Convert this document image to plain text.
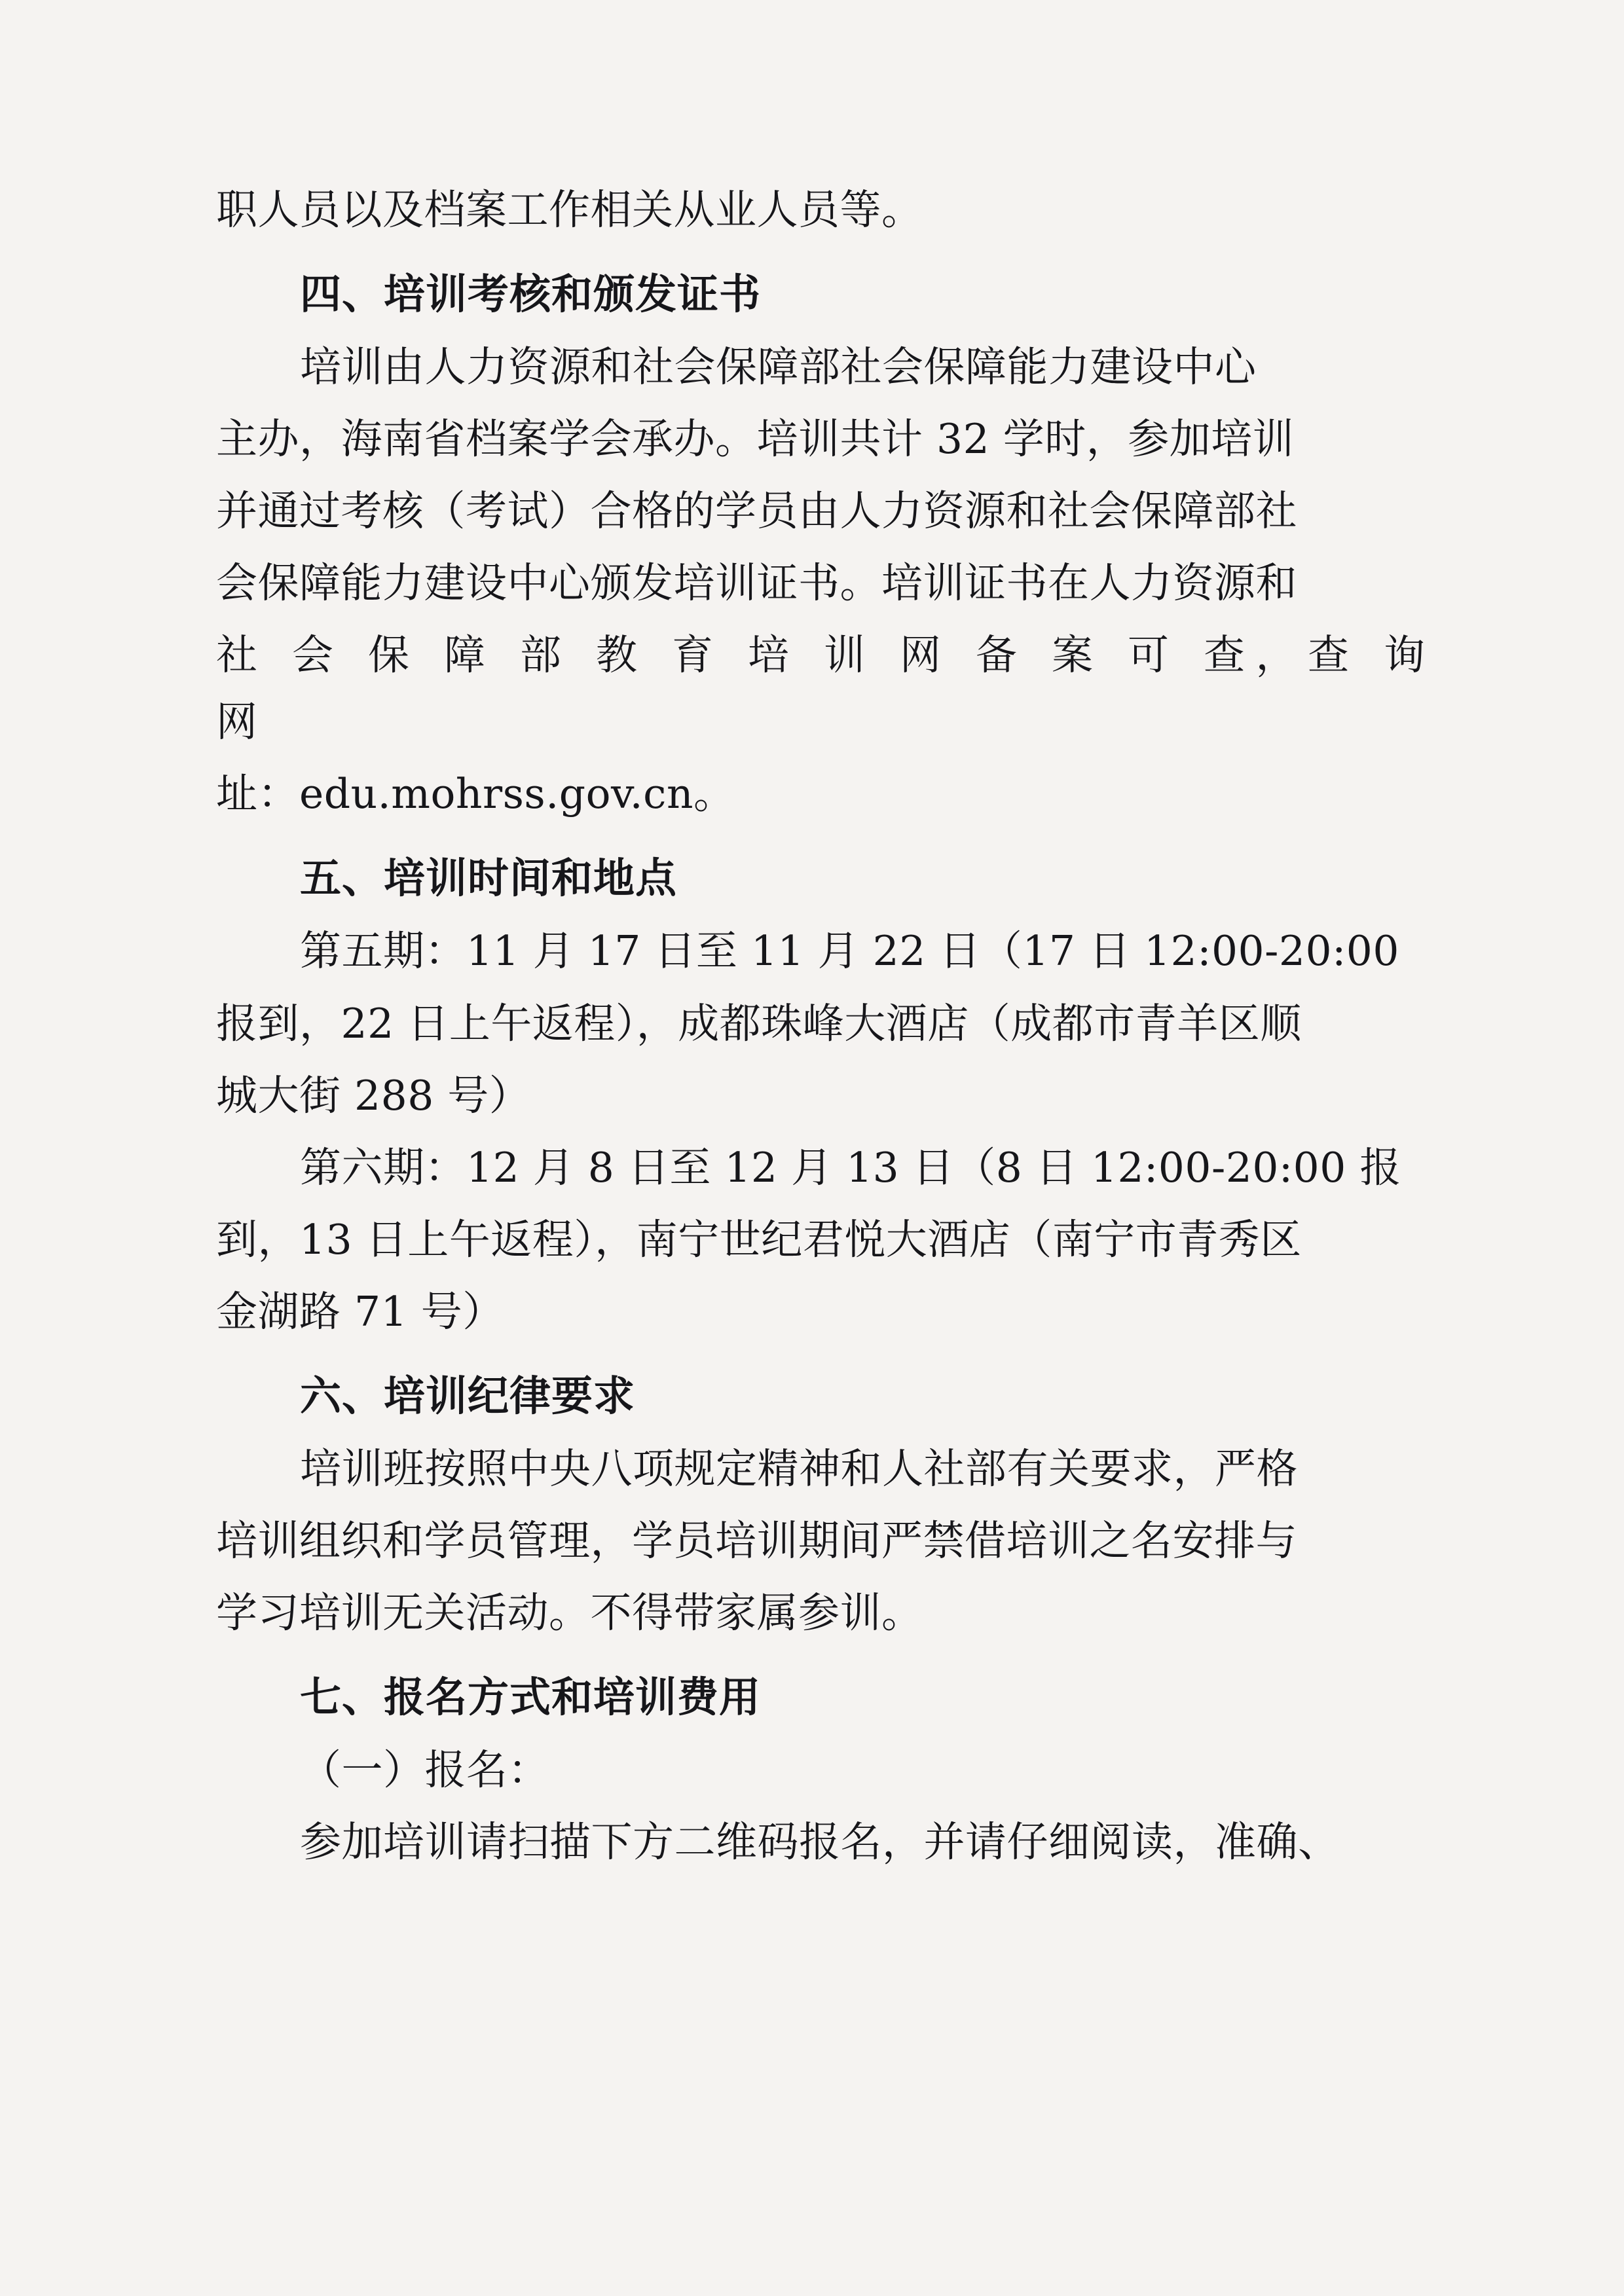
职人员以及档案工作相关从业人员等。

四、培训考核和颁发证书

培训由人力资源和社会保障部社会保障能力建设中心

主办，海南省档案学会承办。培训共计 32 学时，参加培训

并通过考核（考试）合格的学员由人力资源和社会保障部社

会保障能力建设中心颁发培训证书。培训证书在人力资源和

社 会 保 障 部 教 育 培 训 网 备 案 可 查，查 询 网

址：edu.mohrss.gov.cn。

五、培训时间和地点

第五期：11 月 17 日至 11 月 22 日（17 日 12:00-20:00

报到，22 日上午返程），成都珠峰大酒店（成都市青羊区顺

城大街 288 号）

第六期：12 月 8 日至 12 月 13 日（8 日 12:00-20:00 报

到，13 日上午返程），南宁世纪君悦大酒店（南宁市青秀区

金湖路 71 号）

六、培训纪律要求

培训班按照中央八项规定精神和人社部有关要求，严格

培训组织和学员管理，学员培训期间严禁借培训之名安排与

学习培训无关活动。不得带家属参训。

七、报名方式和培训费用

（一）报名：

参加培训请扫描下方二维码报名，并请仔细阅读，准确、
